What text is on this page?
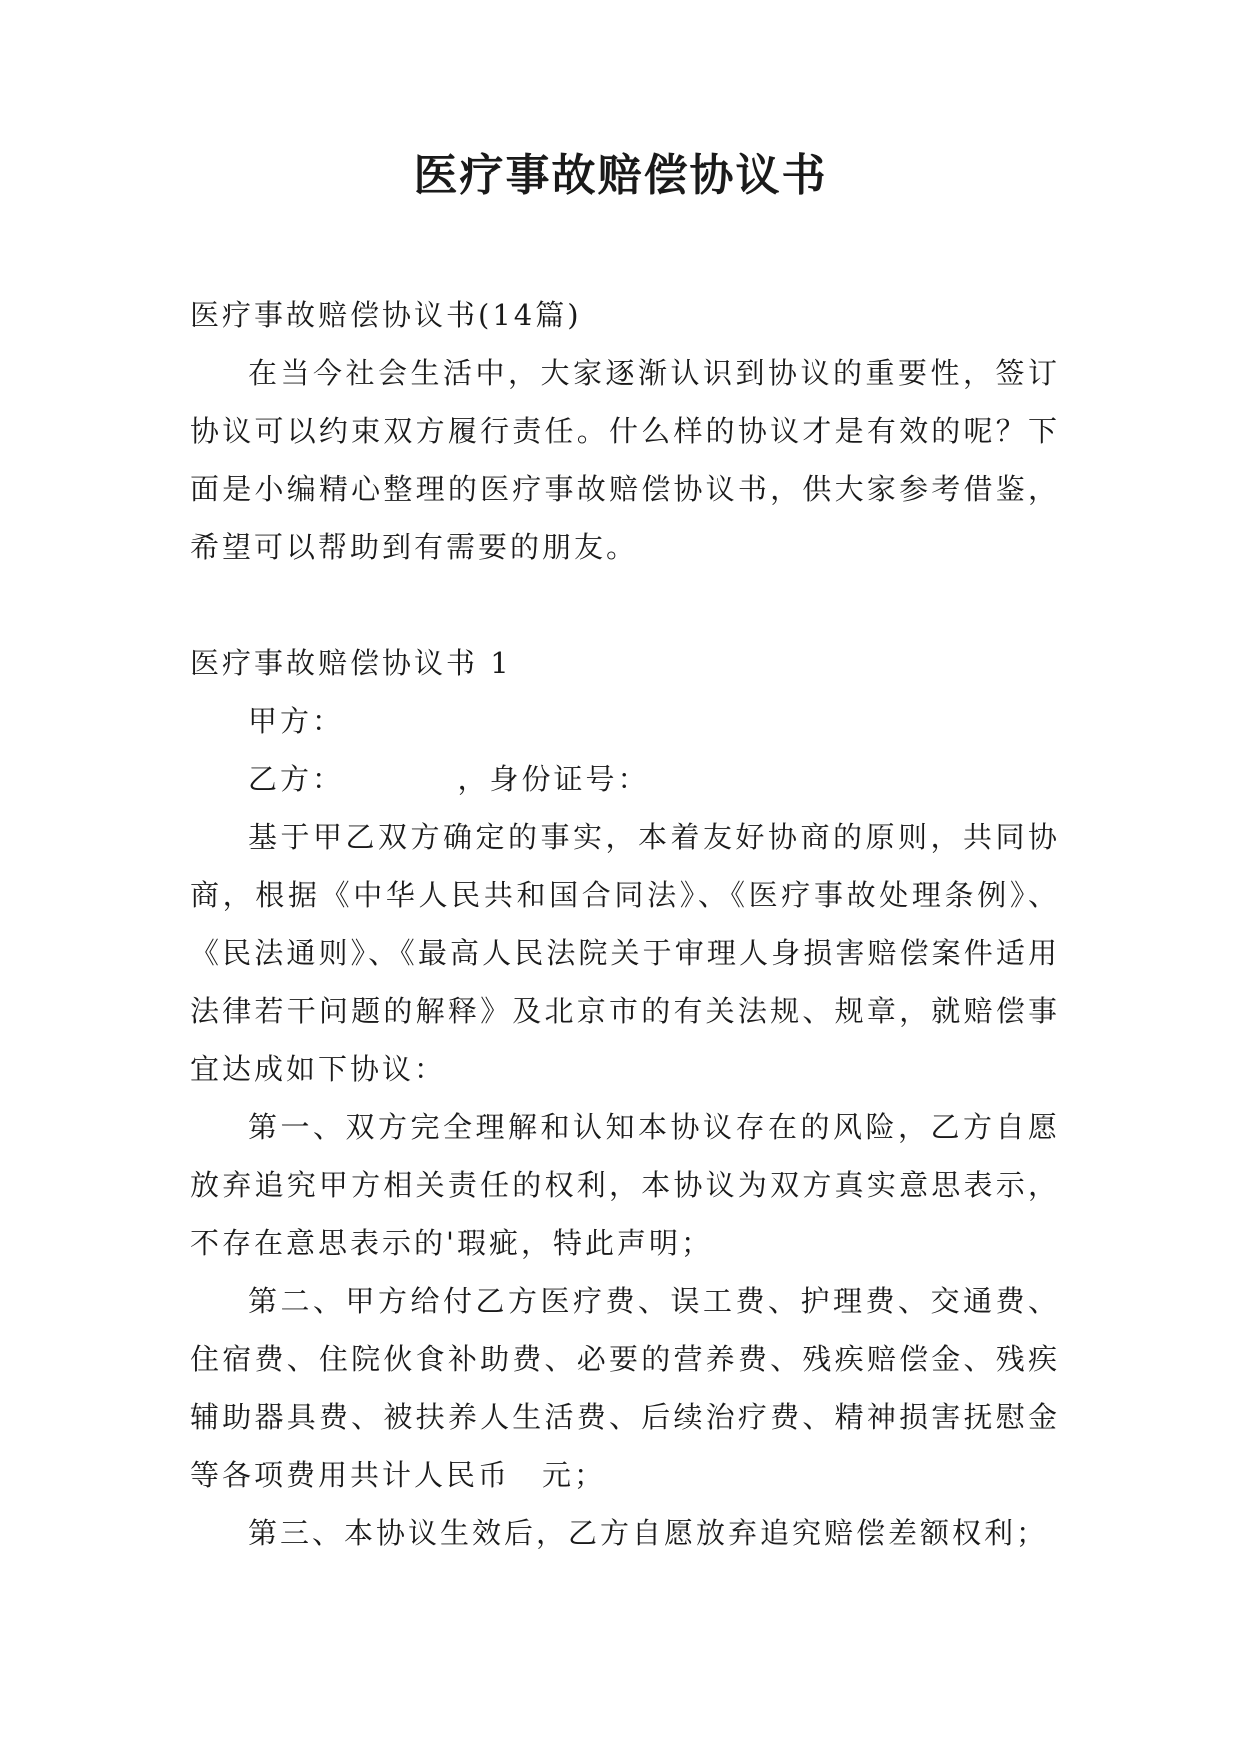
医疗事故赔偿协议书

医疗事故赔偿协议书(14篇)

在当今社会生活中，大家逐渐认识到协议的重要性，签订协议可以约束双方履行责任。什么样的协议才是有效的呢？下面是小编精心整理的医疗事故赔偿协议书，供大家参考借鉴，希望可以帮助到有需要的朋友。

医疗事故赔偿协议书 1

甲方：

乙方：　　　　，身份证号：

基于甲乙双方确定的事实，本着友好协商的原则，共同协商，根据《中华人民共和国合同法》、《医疗事故处理条例》、《民法通则》、《最高人民法院关于审理人身损害赔偿案件适用法律若干问题的解释》及北京市的有关法规、规章，就赔偿事宜达成如下协议：

第一、双方完全理解和认知本协议存在的风险，乙方自愿放弃追究甲方相关责任的权利，本协议为双方真实意思表示，不存在意思表示的'瑕疵，特此声明；

第二、甲方给付乙方医疗费、误工费、护理费、交通费、住宿费、住院伙食补助费、必要的营养费、残疾赔偿金、残疾辅助器具费、被扶养人生活费、后续治疗费、精神损害抚慰金等各项费用共计人民币　元；

第三、本协议生效后，乙方自愿放弃追究赔偿差额权利；
